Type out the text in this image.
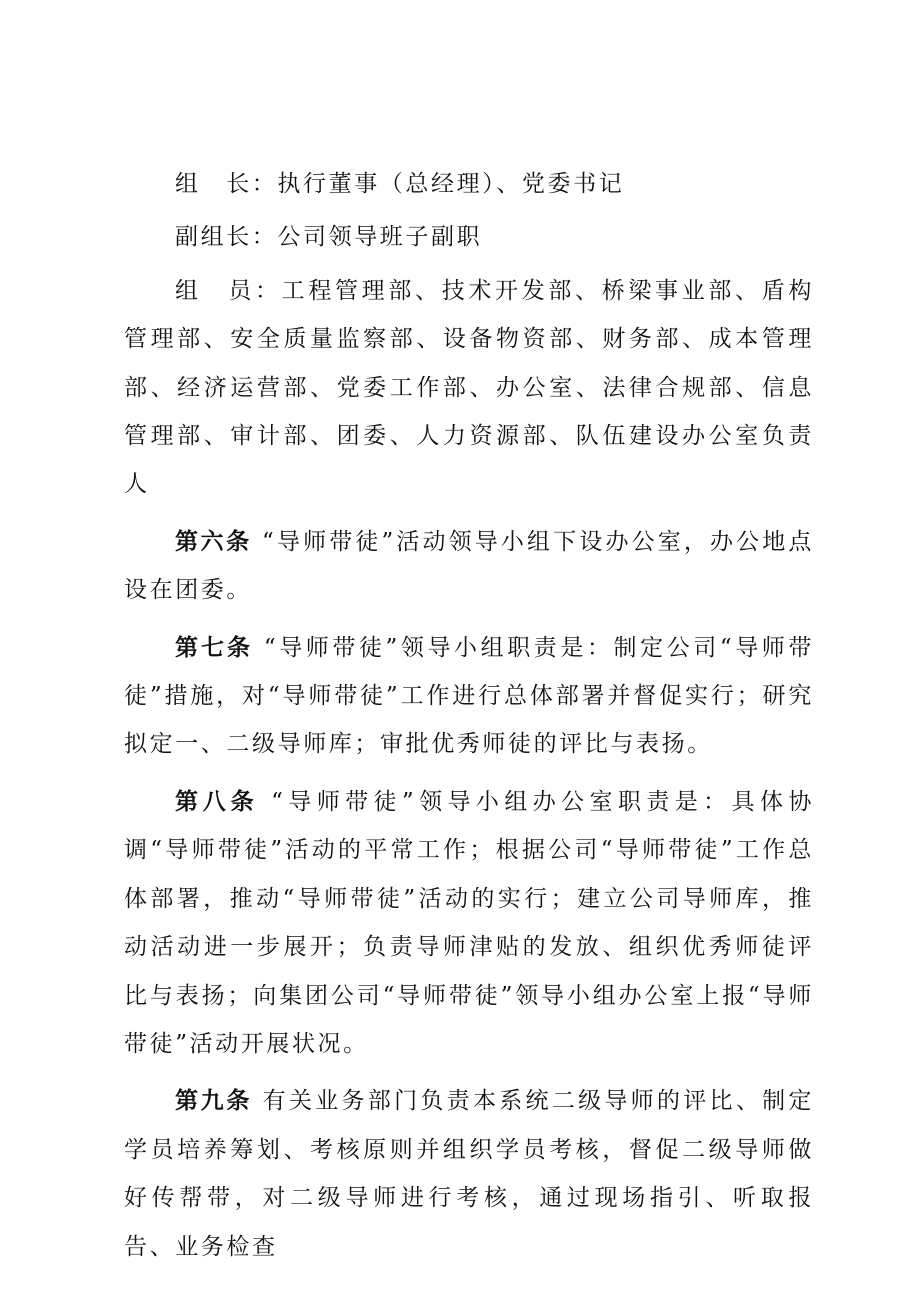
组　长：执行董事（总经理）、党委书记

副组长：公司领导班子副职

组　员：工程管理部、技术开发部、桥梁事业部、盾构管理部、安全质量监察部、设备物资部、财务部、成本管理部、经济运营部、党委工作部、办公室、法律合规部、信息管理部、审计部、团委、人力资源部、队伍建设办公室负责人

第六条 “导师带徒”活动领导小组下设办公室，办公地点设在团委。

第七条 “导师带徒”领导小组职责是：制定公司“导师带徒”措施，对“导师带徒”工作进行总体部署并督促实行；研究拟定一、二级导师库；审批优秀师徒的评比与表扬。

第八条 “导师带徒”领导小组办公室职责是：具体协调“导师带徒”活动的平常工作；根据公司“导师带徒”工作总体部署，推动“导师带徒”活动的实行；建立公司导师库，推动活动进一步展开；负责导师津贴的发放、组织优秀师徒评比与表扬；向集团公司“导师带徒”领导小组办公室上报“导师带徒”活动开展状况。

第九条 有关业务部门负责本系统二级导师的评比、制定学员培养筹划、考核原则并组织学员考核，督促二级导师做好传帮带，对二级导师进行考核，通过现场指引、听取报告、业务检查
